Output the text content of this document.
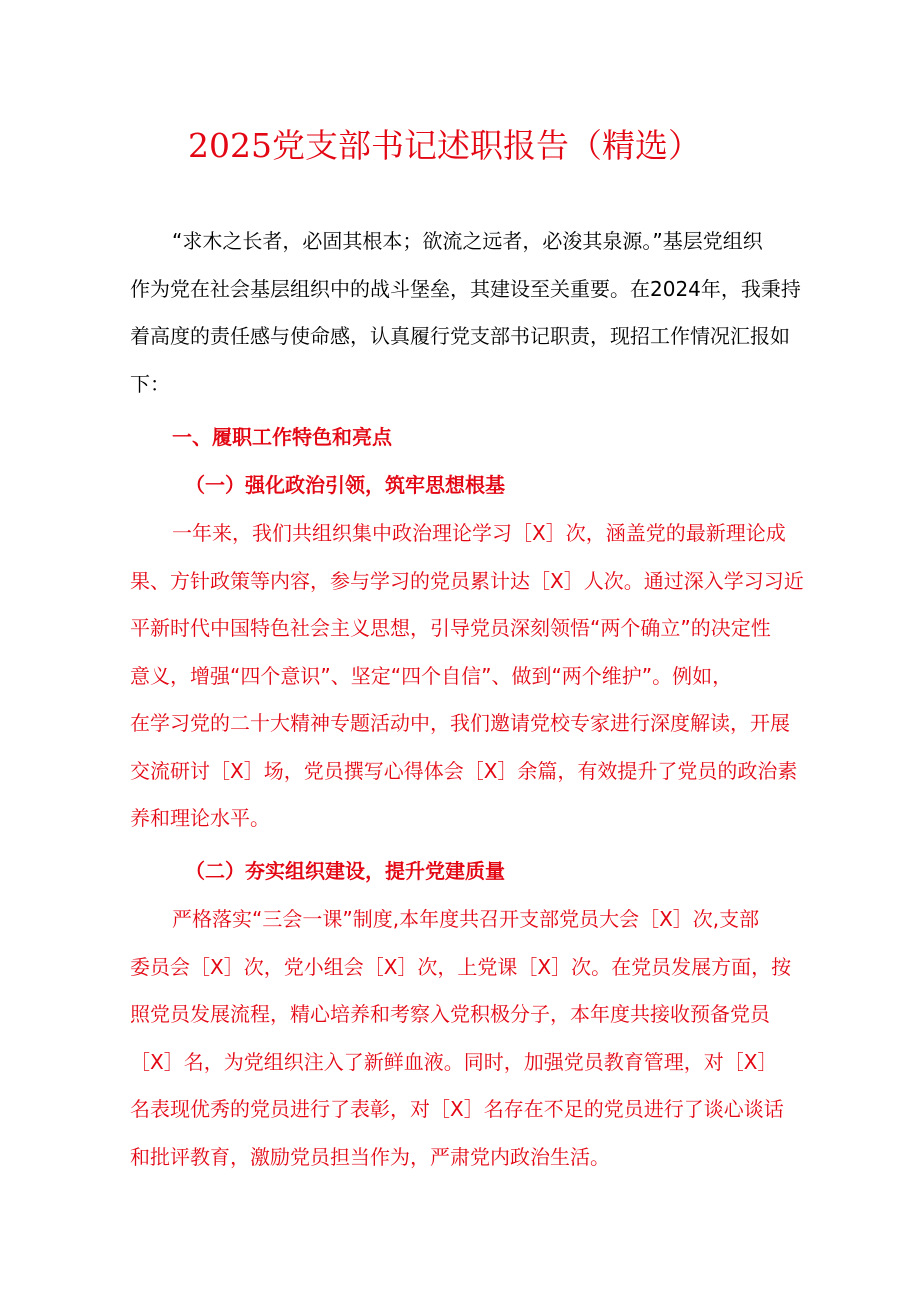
2025党支部书记述职报告（精选）
“求木之长者，必固其根本；欲流之远者，必浚其泉源。”基层党组织
作为党在社会基层组织中的战斗堡垒，其建设至关重要。在2024年，我秉持
着高度的责任感与使命感，认真履行党支部书记职责，现招工作情况汇报如
下：
一、履职工作特色和亮点
（一）强化政治引领，筑牢思想根基
一年来，我们共组织集中政治理论学习［X］次，涵盖党的最新理论成
果、方针政策等内容，参与学习的党员累计达［X］人次。通过深入学习习近
平新时代中国特色社会主义思想，引导党员深刻领悟“两个确立”的决定性
意义，增强“四个意识”、坚定“四个自信”、做到“两个维护”。例如，
在学习党的二十大精神专题活动中，我们邀请党校专家进行深度解读，开展
交流研讨［X］场，党员撰写心得体会［X］余篇，有效提升了党员的政治素
养和理论水平。
（二）夯实组织建设，提升党建质量
严格落实“三会一课”制度,本年度共召开支部党员大会［X］次,支部
委员会［X］次，党小组会［X］次，上党课［X］次。在党员发展方面，按
照党员发展流程，精心培养和考察入党积极分子，本年度共接收预备党员
［X］名，为党组织注入了新鲜血液。同时，加强党员教育管理，对［X］
名表现优秀的党员进行了表彰，对［X］名存在不足的党员进行了谈心谈话
和批评教育，激励党员担当作为，严肃党内政治生活。
